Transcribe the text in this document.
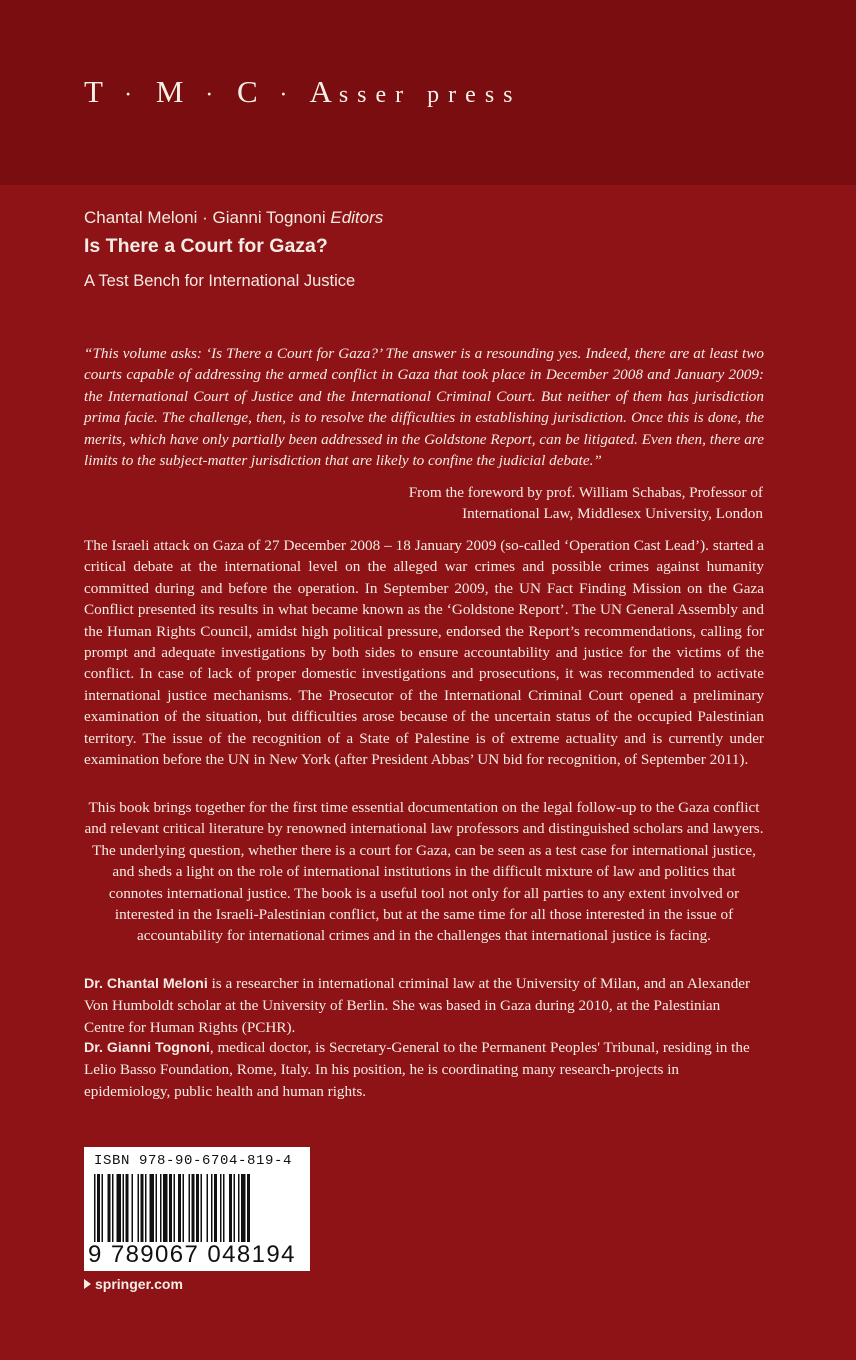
T · M · C · Asser press
Chantal Meloni · Gianni Tognoni Editors
Is There a Court for Gaza?
A Test Bench for International Justice

“This volume asks: ‘Is There a Court for Gaza?’ The answer is a resounding yes. Indeed, there are at least two courts capable of addressing the armed conflict in Gaza that took place in December 2008 and January 2009: the International Court of Justice and the International Criminal Court. But neither of them has jurisdiction prima facie. The challenge, then, is to resolve the difficulties in establishing jurisdiction. Once this is done, the merits, which have only partially been addressed in the Goldstone Report, can be litigated. Even then, there are limits to the subject-matter jurisdiction that are likely to confine the judicial debate.”

From the foreword by prof. William Schabas, Professor of
International Law, Middlesex University, London

The Israeli attack on Gaza of 27 December 2008 – 18 January 2009 (so-called ‘Operation Cast Lead’). started a critical debate at the international level on the alleged war crimes and possible crimes against humanity committed during and before the operation. In September 2009, the UN Fact Finding Mission on the Gaza Conflict presented its results in what became known as the ‘Goldstone Report’. The UN General Assembly and the Human Rights Council, amidst high political pressure, endorsed the Report’s recommendations, calling for prompt and adequate investigations by both sides to ensure accountability and justice for the victims of the conflict. In case of lack of proper domestic investigations and prosecutions, it was recommended to activate international justice mechanisms. The Prosecutor of the International Criminal Court opened a preliminary examination of the situation, but difficulties arose because of the uncertain status of the occupied Palestinian territory. The issue of the recognition of a State of Palestine is of extreme actuality and is currently under examination before the UN in New York (after President Abbas’ UN bid for recognition, of September 2011).

This book brings together for the first time essential documentation on the legal follow-up to the Gaza conflict and relevant critical literature by renowned international law professors and distinguished scholars and lawyers. The underlying question, whether there is a court for Gaza, can be seen as a test case for international justice, and sheds a light on the role of international institutions in the difficult mixture of law and politics that connotes international justice. The book is a useful tool not only for all parties to any extent involved or interested in the Israeli-Palestinian conflict, but at the same time for all those interested in the issue of accountability for international crimes and in the challenges that international justice is facing.

Dr. Chantal Meloni is a researcher in international criminal law at the University of Milan, and an Alexander Von Humboldt scholar at the University of Berlin. She was based in Gaza during 2010, at the Palestinian Centre for Human Rights (PCHR).

Dr. Gianni Tognoni, medical doctor, is Secretary-General to the Permanent Peoples' Tribunal, residing in the Lelio Basso Foundation, Rome, Italy. In his position, he is coordinating many research-projects in epidemiology, public health and human rights.

ISBN 978-90-6704-819-4
9 789067 048194
springer.com
